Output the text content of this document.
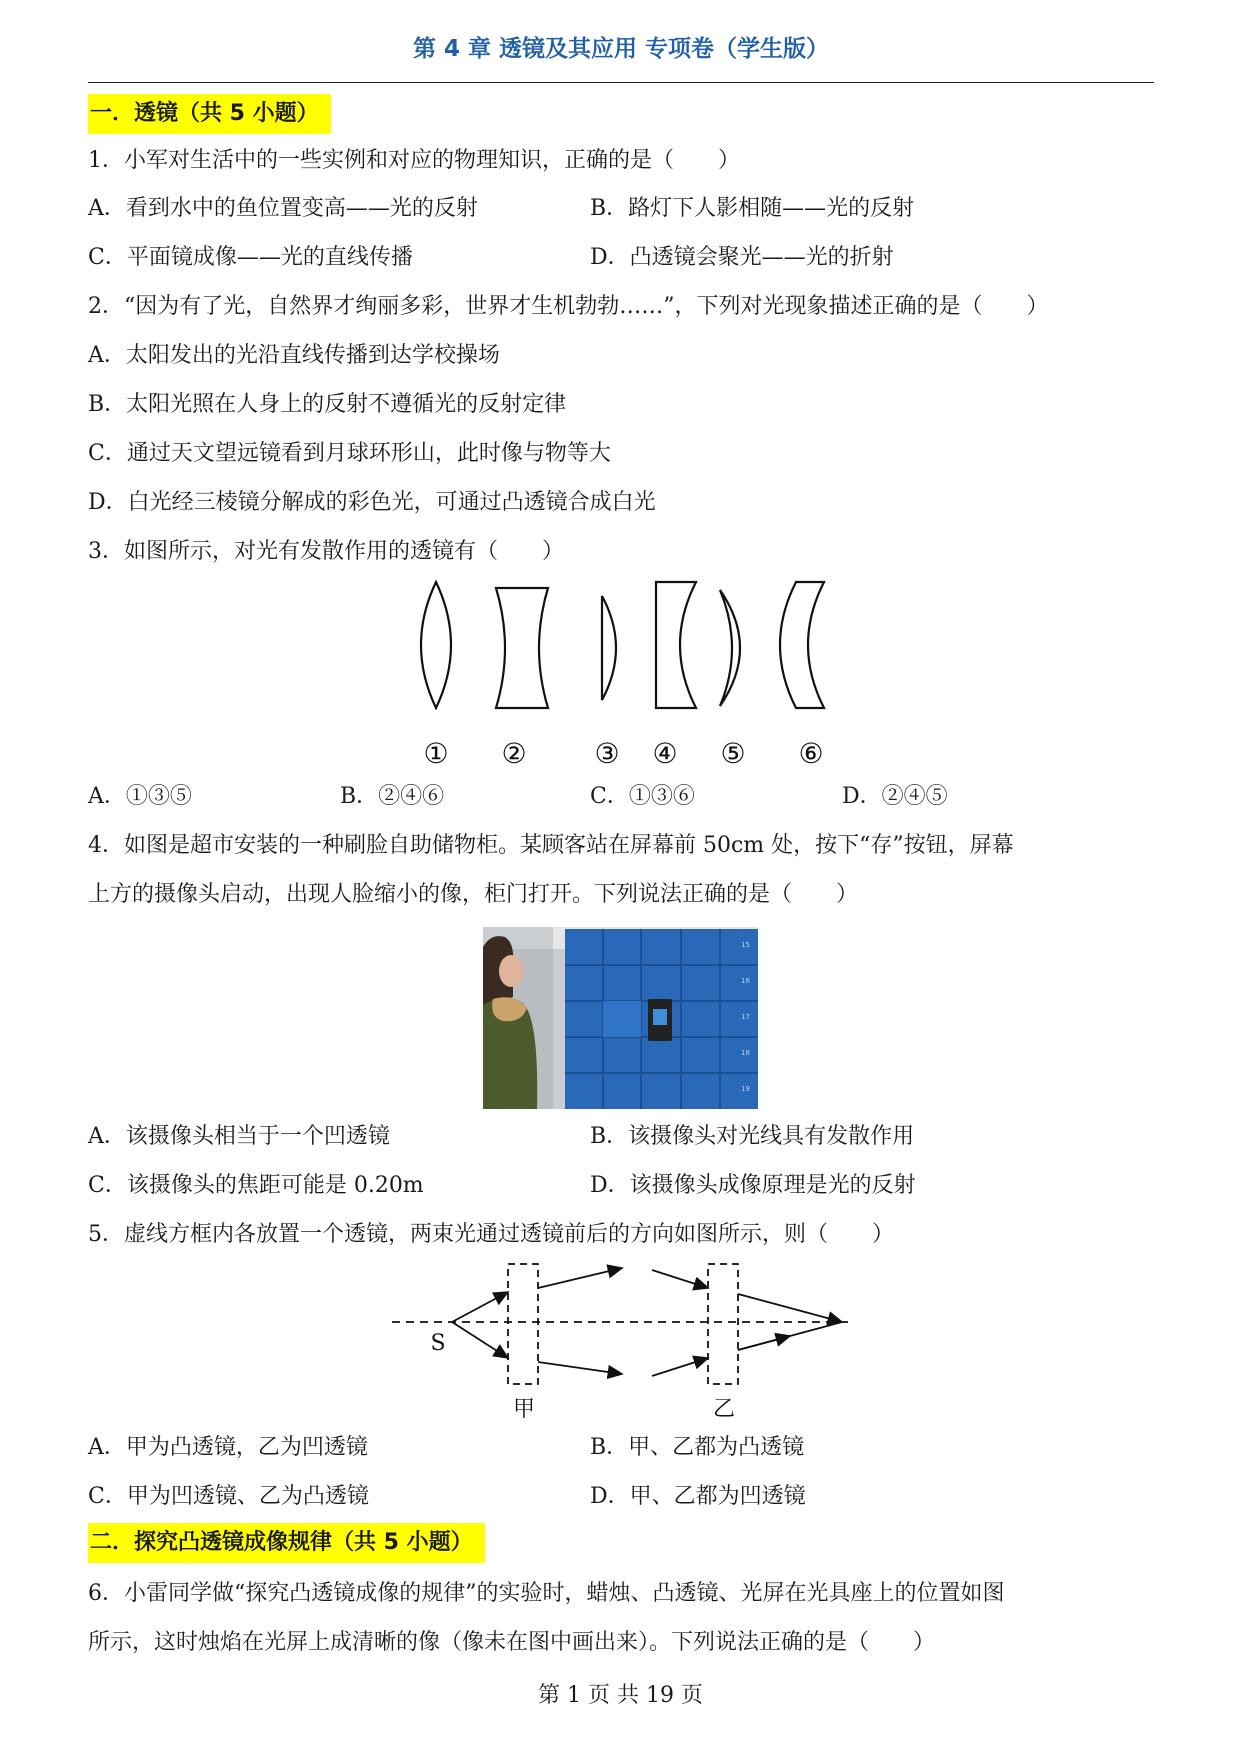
第 4 章 透镜及其应用 专项卷（学生版）
一．透镜（共 5 小题）
1．小军对生活中的一些实例和对应的物理知识，正确的是（　　）
A．看到水中的鱼位置变高——光的反射	B．路灯下人影相随——光的反射
C．平面镜成像——光的直线传播	D．凸透镜会聚光——光的折射
2．“因为有了光，自然界才绚丽多彩，世界才生机勃勃……”，下列对光现象描述正确的是（　　）
A．太阳发出的光沿直线传播到达学校操场
B．太阳光照在人身上的反射不遵循光的反射定律
C．通过天文望远镜看到月球环形山，此时像与物等大
D．白光经三棱镜分解成的彩色光，可通过凸透镜合成白光
3．如图所示，对光有发散作用的透镜有（　　）
① ② ③ ④ ⑤ ⑥
A．①③⑤	B．②④⑥	C．①③⑥	D．②④⑤
4．如图是超市安装的一种刷脸自助储物柜。某顾客站在屏幕前 50cm 处，按下“存”按钮，屏幕
上方的摄像头启动，出现人脸缩小的像，柜门打开。下列说法正确的是（　　）
15
16
17
18
19
A．该摄像头相当于一个凹透镜	B．该摄像头对光线具有发散作用
C．该摄像头的焦距可能是 0.20m	D．该摄像头成像原理是光的反射
5．虚线方框内各放置一个透镜，两束光通过透镜前后的方向如图所示，则（　　）
S
甲	乙
A．甲为凸透镜，乙为凹透镜	B．甲、乙都为凸透镜
C．甲为凹透镜、乙为凸透镜	D．甲、乙都为凹透镜
二．探究凸透镜成像规律（共 5 小题）
6．小雷同学做“探究凸透镜成像的规律”的实验时，蜡烛、凸透镜、光屏在光具座上的位置如图
所示，这时烛焰在光屏上成清晰的像（像未在图中画出来）。下列说法正确的是（　　）
第 1 页 共 19 页
